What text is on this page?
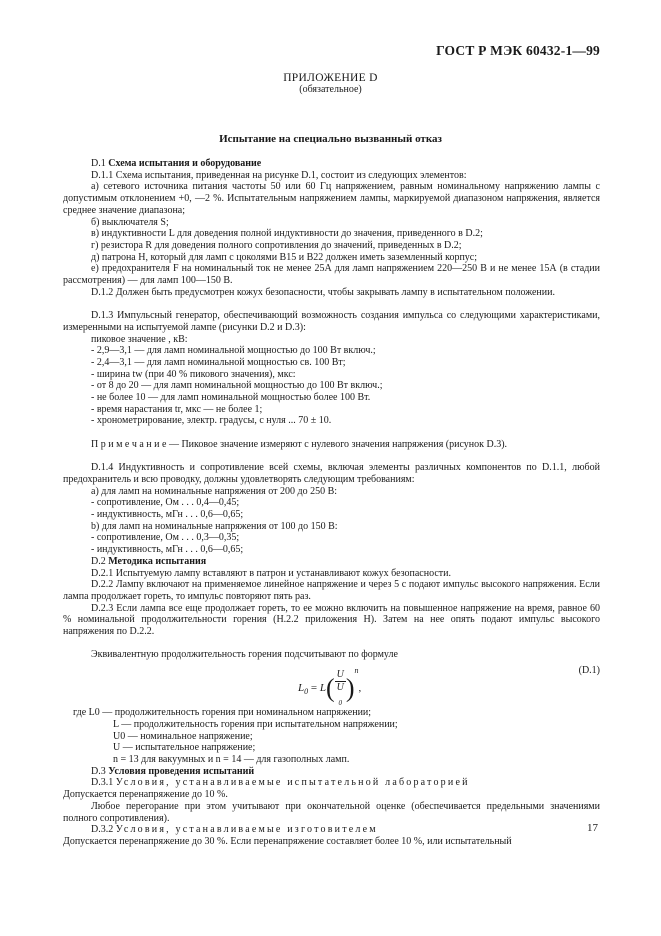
ГОСТ Р МЭК 60432-1—99
ПРИЛОЖЕНИЕ D
(обязательное)
Испытание на специально вызванный отказ

D.1 Схема испытания и оборудование

D.1.1 Схема испытания, приведенная на рисунке D.1, состоит из следующих элементов:

а) сетевого источника питания частоты 50 или 60 Гц напряжением, равным номинальному напряжению лампы с допустимым отклонением +0, —2 %. Испытательным напряжением лампы, маркируемой диапазоном напряжения, является среднее значение диапазона;

б) выключателя S;

в) индуктивности L для доведения полной индуктивности до значения, приведенного в D.2;

г) резистора R для доведения полного сопротивления до значений, приведенных в D.2;

д) патрона H, который для ламп с цоколями B15 и B22 должен иметь заземленный корпус;

е) предохранителя F на номинальный ток не менее 25А для ламп напряжением 220—250 В и не менее 15А (в стадии рассмотрения) — для ламп 100—150 В.

D.1.2 Должен быть предусмотрен кожух безопасности, чтобы закрывать лампу в испытательном положении.

D.1.3 Импульсный генератор, обеспечивающий возможность создания импульса со следующими характеристиками, измеренными на испытуемой лампе (рисунки D.2 и D.3):

пиковое значение , кВ:

- 2,9—3,1 — для ламп номинальной мощностью до 100 Вт включ.;

- 2,4—3,1 — для ламп номинальной мощностью св. 100 Вт;

- ширина tw (при 40 % пикового значения), мкс:

- от 8 до 20 — для ламп номинальной мощностью до 100 Вт включ.;

- не более 10 — для ламп номинальной мощностью более 100 Вт.

- время нарастания tr, мкс — не более 1;

- хронометрирование, электр. градусы, с нуля ... 70 ± 10.

П р и м е ч а н и е — Пиковое значение измеряют с нулевого значения напряжения (рисунок D.3).

D.1.4 Индуктивность и сопротивление всей схемы, включая элементы различных компонентов по D.1.1, любой предохранитель и всю проводку, должны удовлетворять следующим требованиям:

а) для ламп на номинальные напряжения от 200 до 250 В:

- сопротивление, Ом . . . 0,4—0,45;

- индуктивность, мГн . . . 0,6—0,65;

b) для ламп на номинальные напряжения от 100 до 150 В:

- сопротивление, Ом . . . 0,3—0,35;

- индуктивность, мГн . . . 0,6—0,65;

D.2 Методика испытания

D.2.1 Испытуемую лампу вставляют в патрон и устанавливают кожух безопасности.

D.2.2 Лампу включают на применяемое линейное напряжение и через 5 с подают импульс высокого напряжения. Если лампа продолжает гореть, то импульс повторяют пять раз.

D.2.3 Если лампа все еще продолжает гореть, то ее можно включить на повышенное напряжение на время, равное 60 % номинальной продолжительности горения (Н.2.2 приложения Н). Затем на нее опять подают импульс высокого напряжения по D.2.2.

Эквивалентную продолжительность горения подсчитывают по формуле

$L_0 = L$( U
U
$_0$ )$^n$,
(D.1)

где L0 — продолжительность горения при номинальном напряжении;

L — продолжительность горения при испытательном напряжении;

U0 — номинальное напряжение;

U — испытательное напряжение;

n = 13 для вакуумных и n = 14 — для газополных ламп.

D.3 Условия проведения испытаний

D.3.1 Условия, устанавливаемые испытательной лабораторией

Допускается перенапряжение до 10 %.

Любое перегорание при этом учитывают при окончательной оценке (обеспечивается предельными значениями полного сопротивления).

D.3.2 Условия, устанавливаемые изготовителем

Допускается перенапряжение до 30 %. Если перенапряжение составляет более 10 %, или испытательный

17
